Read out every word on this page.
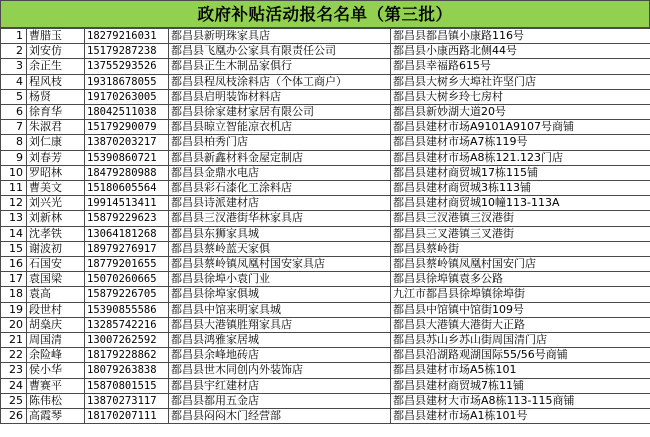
政府补贴活动报名名单（第三批）
1	曹腊玉	18279216031	都昌县新明珠家具店	都昌县都昌镇小康路116号
2	刘安仿	15179287238	都昌县飞凰办公家具有限责任公司	都昌县小康西路北侧44号
3	余正生	13755293526	都昌县正生木制品家俱行	都昌县幸福路615号
4	程风枝	19318678055	都昌县程凤枝涂料店（个体工商户）	都昌县大树乡大埠社许坚门店
5	杨贤	19170263005	都昌县启明装饰材料店	都昌县大树乡玲七房村
6	徐育华	18042511038	都昌县徐家建材家居有限公司	都昌县新妙湖大道20号
7	朱淑君	15179290079	都昌县晾立智能凉衣机店	都昌县建材市场A9101A9107号商铺
8	刘仁康	13870203217	都昌县柏秀门店	都昌县建材市场A7栋119号
9	刘春芳	15390860721	都昌县新鑫材料金屋定制店	都昌县建材市场A8栋121.123门店
10	罗昭林	18479280988	都昌县金鼎水电店	都昌县建材商贸城17栋115铺
11	曹美文	15180605564	都昌县彩石漆化工涂料店	都昌县建材商贸城3栋113铺
12	刘兴光	19914513411	都昌县诗派建材店	都昌县建材商贸城10幢113-113A
13	刘新林	15879229623	都昌县三汊港街华林家具店	都昌县三汊港镇三汊港街
14	沈孝铁	13064181268	都昌县东狮家具城	都昌县三叉港镇三叉港街
15	谢波初	18979276917	都昌县蔡岭蓝天家俱	都昌县蔡岭街
16	石国安	18779201655	都昌县蔡岭镇凤凰村国安家具店	都昌县蔡岭镇凤凰村国安门店
17	袁国梁	15070260665	都昌县徐埠小袁门业	都昌县徐埠镇袁多公路
18	袁高	15879226705	都昌县徐埠家俱城	九江市都昌县徐埠镇徐埠街
19	段世村	15390855586	都昌县中馆来明家具城	都昌县中馆镇中馆街109号
20	胡燊庆	13285742216	都昌县大港镇胜翔家具店	都昌县大港镇大港街大正路
21	周国清	13007262592	都昌县鸿雅家居城	都昌县苏山乡苏山街周国清门店
22	余险峰	18179228862	都昌县余峰地砖店	都昌县沿湖路观湖国际55/56号商铺
23	侯小华	18079263838	都昌县世木同创内外装饰店	都昌县建材市场A5栋101
24	曹赛平	15870801515	都昌县宇红建材店	都昌县建材商贸城7栋11铺
25	陈伟松	13870273117	都昌县都用五金店	都昌县建材大市场A8栋113-115商铺
26	高霞琴	18170207111	都昌县闷闷木门经营部	都昌县建材市场A1栋101号
